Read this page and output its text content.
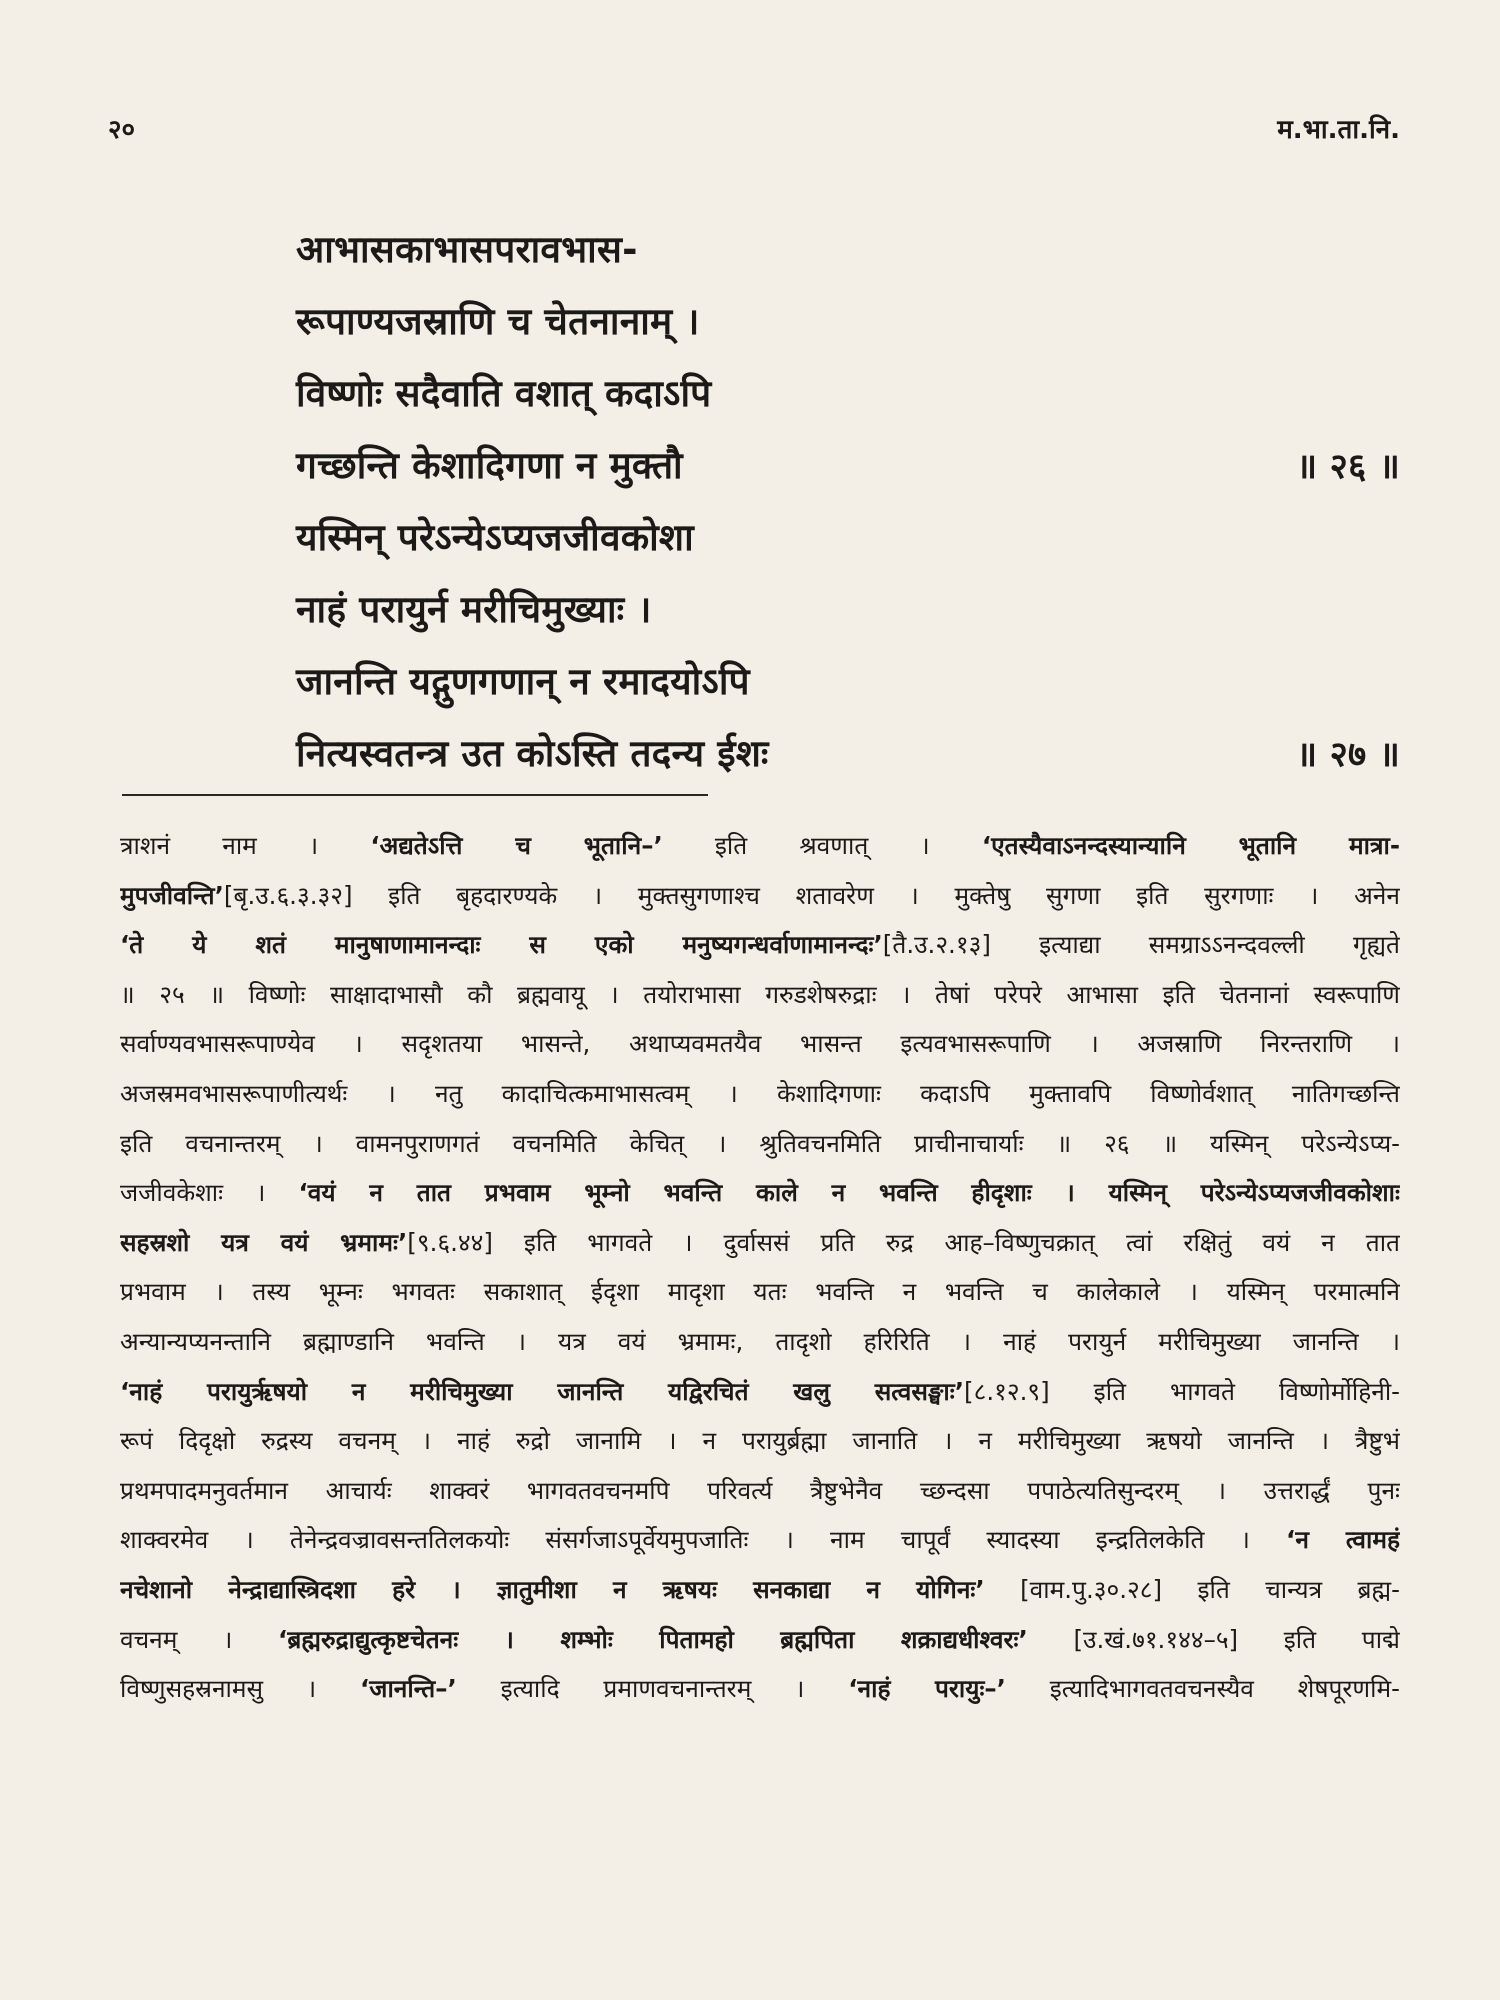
२०	म.भा.ता.नि.
आभासकाभासपरावभास-
रूपाण्यजस्राणि च चेतनानाम् ।
विष्णोः सदैवाति वशात् कदाऽपि
गच्छन्ति केशादिगणा न मुक्तौ	॥ २६ ॥
यस्मिन् परेऽन्येऽप्यजजीवकोशा
नाहं परायुर्न मरीचिमुख्याः ।
जानन्ति यद्गुणगणान् न रमादयोऽपि
नित्यस्वतन्त्र उत कोऽस्ति तदन्य ईशः	॥ २७ ॥
त्राशनं नाम । ‘अद्यतेऽत्ति च भूतानि–’ इति श्रवणात् । ‘एतस्यैवाऽनन्दस्यान्यानि भूतानि मात्रा-
मुपजीवन्ति’[बृ.उ.६.३.३२] इति बृहदारण्यके । मुक्तसुगणाश्च शतावरेण । मुक्तेषु सुगणा इति सुरगणाः । अनेन
‘ते ये शतं मानुषाणामानन्दाः स एको मनुष्यगन्धर्वाणामानन्दः’[तै.उ.२.१३] इत्याद्या समग्राऽऽनन्दवल्ली गृह्यते
॥ २५ ॥ विष्णोः साक्षादाभासौ कौ ब्रह्मवायू । तयोराभासा गरुडशेषरुद्राः । तेषां परेपरे आभासा इति चेतनानां स्वरूपाणि
सर्वाण्यवभासरूपाण्येव । सदृशतया भासन्ते, अथाप्यवमतयैव भासन्त इत्यवभासरूपाणि । अजस्राणि निरन्तराणि ।
अजस्रमवभासरूपाणीत्यर्थः । नतु कादाचित्कमाभासत्वम् । केशादिगणाः कदाऽपि मुक्तावपि विष्णोर्वशात् नातिगच्छन्ति
इति वचनान्तरम् । वामनपुराणगतं वचनमिति केचित् । श्रुतिवचनमिति प्राचीनाचार्याः ॥ २६ ॥ यस्मिन् परेऽन्येऽप्य-
जजीवकेशाः । ‘वयं न तात प्रभवाम भूम्नो भवन्ति काले न भवन्ति हीदृशाः । यस्मिन् परेऽन्येऽप्यजजीवकोशाः
सहस्रशो यत्र वयं भ्रमामः’[९.६.४४] इति भागवते । दुर्वाससं प्रति रुद्र आह–विष्णुचक्रात् त्वां रक्षितुं वयं न तात
प्रभवाम । तस्य भूम्नः भगवतः सकाशात् ईदृशा मादृशा यतः भवन्ति न भवन्ति च कालेकाले । यस्मिन् परमात्मनि
अन्यान्यप्यनन्तानि ब्रह्माण्डानि भवन्ति । यत्र वयं भ्रमामः, तादृशो हरिरिति । नाहं परायुर्न मरीचिमुख्या जानन्ति ।
‘नाहं परायुरृषयो न मरीचिमुख्या जानन्ति यद्विरचितं खलु सत्वसङ्घाः’[८.१२.९] इति भागवते विष्णोर्मोहिनी-
रूपं दिदृक्षो रुद्रस्य वचनम् । नाहं रुद्रो जानामि । न परायुर्ब्रह्मा जानाति । न मरीचिमुख्या ऋषयो जानन्ति । त्रैष्टुभं
प्रथमपादमनुवर्तमान आचार्यः शाक्वरं भागवतवचनमपि परिवर्त्य त्रैष्टुभेनैव च्छन्दसा पपाठेत्यतिसुन्दरम् । उत्तरार्द्धं पुनः
शाक्वरमेव । तेनेन्द्रवज्रावसन्ततिलकयोः संसर्गजाऽपूर्वेयमुपजातिः । नाम चापूर्वं स्यादस्या इन्द्रतिलकेति । ‘न त्वामहं
नचेशानो नेन्द्राद्यास्त्रिदशा हरे । ज्ञातुमीशा न ऋषयः सनकाद्या न योगिनः’ [वाम.पु.३०.२८] इति चान्यत्र ब्रह्म-
वचनम् । ‘ब्रह्मरुद्राद्युत्कृष्टचेतनः । शम्भोः पितामहो ब्रह्मपिता शक्राद्यधीश्वरः’ [उ.खं.७१.१४४–५] इति पाद्मे
विष्णुसहस्रनामसु । ‘जानन्ति–’ इत्यादि प्रमाणवचनान्तरम् । ‘नाहं परायुः–’ इत्यादिभागवतवचनस्यैव शेषपूरणमि-
